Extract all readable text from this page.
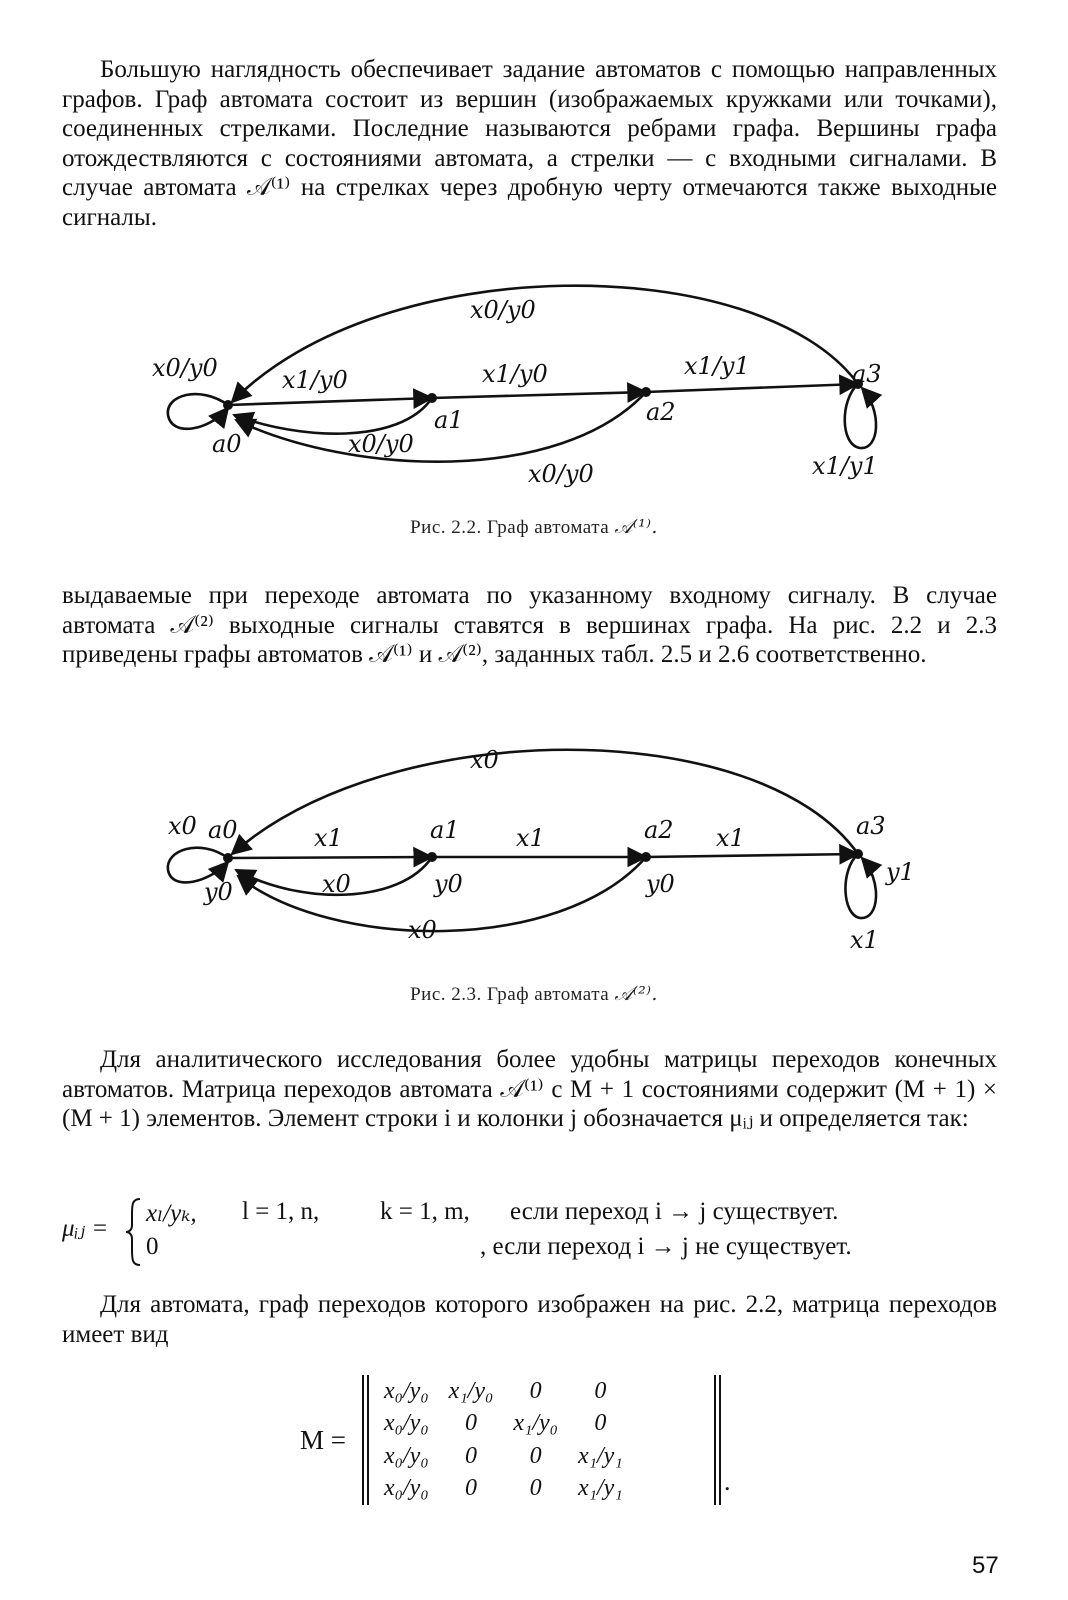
Большую наглядность обеспечивает задание автоматов с помощью направленных графов. Граф автомата состоит из вершин (изображаемых кружками или точками), соединенных стрелками. Последние называются ребрами графа. Вершины графа отождествляются с состояниями автомата, а стрелки — с входными сигналами. В случае автомата 𝒜⁽¹⁾ на стрелках через дробную черту отмечаются также выходные сигналы.

a0
a1	a2
a3
x0/y0	x1/y0	x1/y0	x1/y1
x0/y0
x0/y0
x0/y0
x1/y1
Рис. 2.2. Граф автомата 𝒜⁽¹⁾.

выдаваемые при переходе автомата по указанному входному сигналу. В случае автомата 𝒜⁽²⁾ выходные сигналы ставятся в вершинах графа. На рис. 2.2 и 2.3 приведены графы автоматов 𝒜⁽¹⁾ и 𝒜⁽²⁾, заданных табл. 2.5 и 2.6 соответственно.

a0	a1	a2	a3
y0	y0	y0	y1
x0	x1	x1	x1
x0
x0
x0
x1
Рис. 2.3. Граф автомата 𝒜⁽²⁾.

Для аналитического исследования более удобны матрицы переходов конечных автоматов. Матрица переходов автомата 𝒜⁽¹⁾ с M + 1 состояниями содержит (M + 1) × (M + 1) элементов. Элемент строки i и колонки j обозначается μᵢⱼ и определяется так:

μᵢⱼ =
xₗ/yₖ, l = 1, n, k = 1, m, если переход i → j существует.
0	, если переход i → j не существует.

Для автомата, граф переходов которого изображен на рис. 2.2, матрица переходов имеет вид

M =
x₀/y₀	x₁/y₀	0	0
x₀/y₀	0	x₁/y₀	0
x₀/y₀	0	0	x₁/y₁
x₀/y₀	0	0	x₁/y₁	.
57
